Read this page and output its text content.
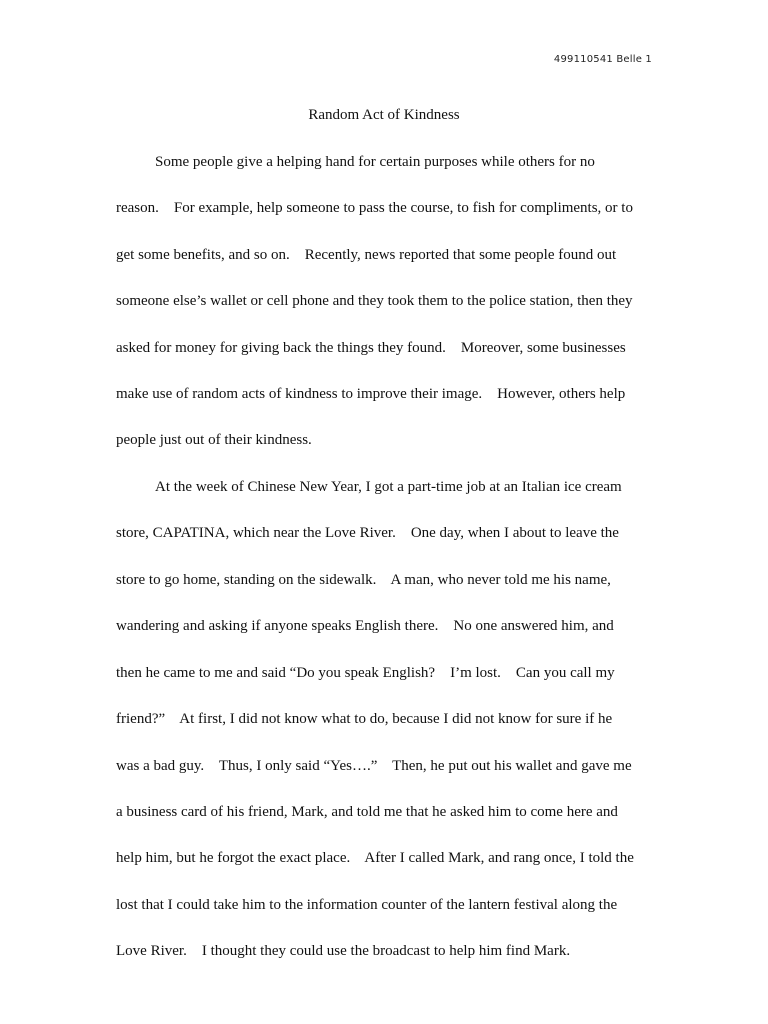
499110541 Belle 1
Random Act of Kindness
Some people give a helping hand for certain purposes while others for no
reason.    For example, help someone to pass the course, to fish for compliments, or to
get some benefits, and so on.    Recently, news reported that some people found out
someone else’s wallet or cell phone and they took them to the police station, then they
asked for money for giving back the things they found.    Moreover, some businesses
make use of random acts of kindness to improve their image.    However, others help
people just out of their kindness.
At the week of Chinese New Year, I got a part-time job at an Italian ice cream
store, CAPATINA, which near the Love River.    One day, when I about to leave the
store to go home, standing on the sidewalk.    A man, who never told me his name,
wandering and asking if anyone speaks English there.    No one answered him, and
then he came to me and said “Do you speak English?    I’m lost.    Can you call my
friend?”    At first, I did not know what to do, because I did not know for sure if he
was a bad guy.    Thus, I only said “Yes….”    Then, he put out his wallet and gave me
a business card of his friend, Mark, and told me that he asked him to come here and
help him, but he forgot the exact place.    After I called Mark, and rang once, I told the
lost that I could take him to the information counter of the lantern festival along the
Love River.    I thought they could use the broadcast to help him find Mark.
